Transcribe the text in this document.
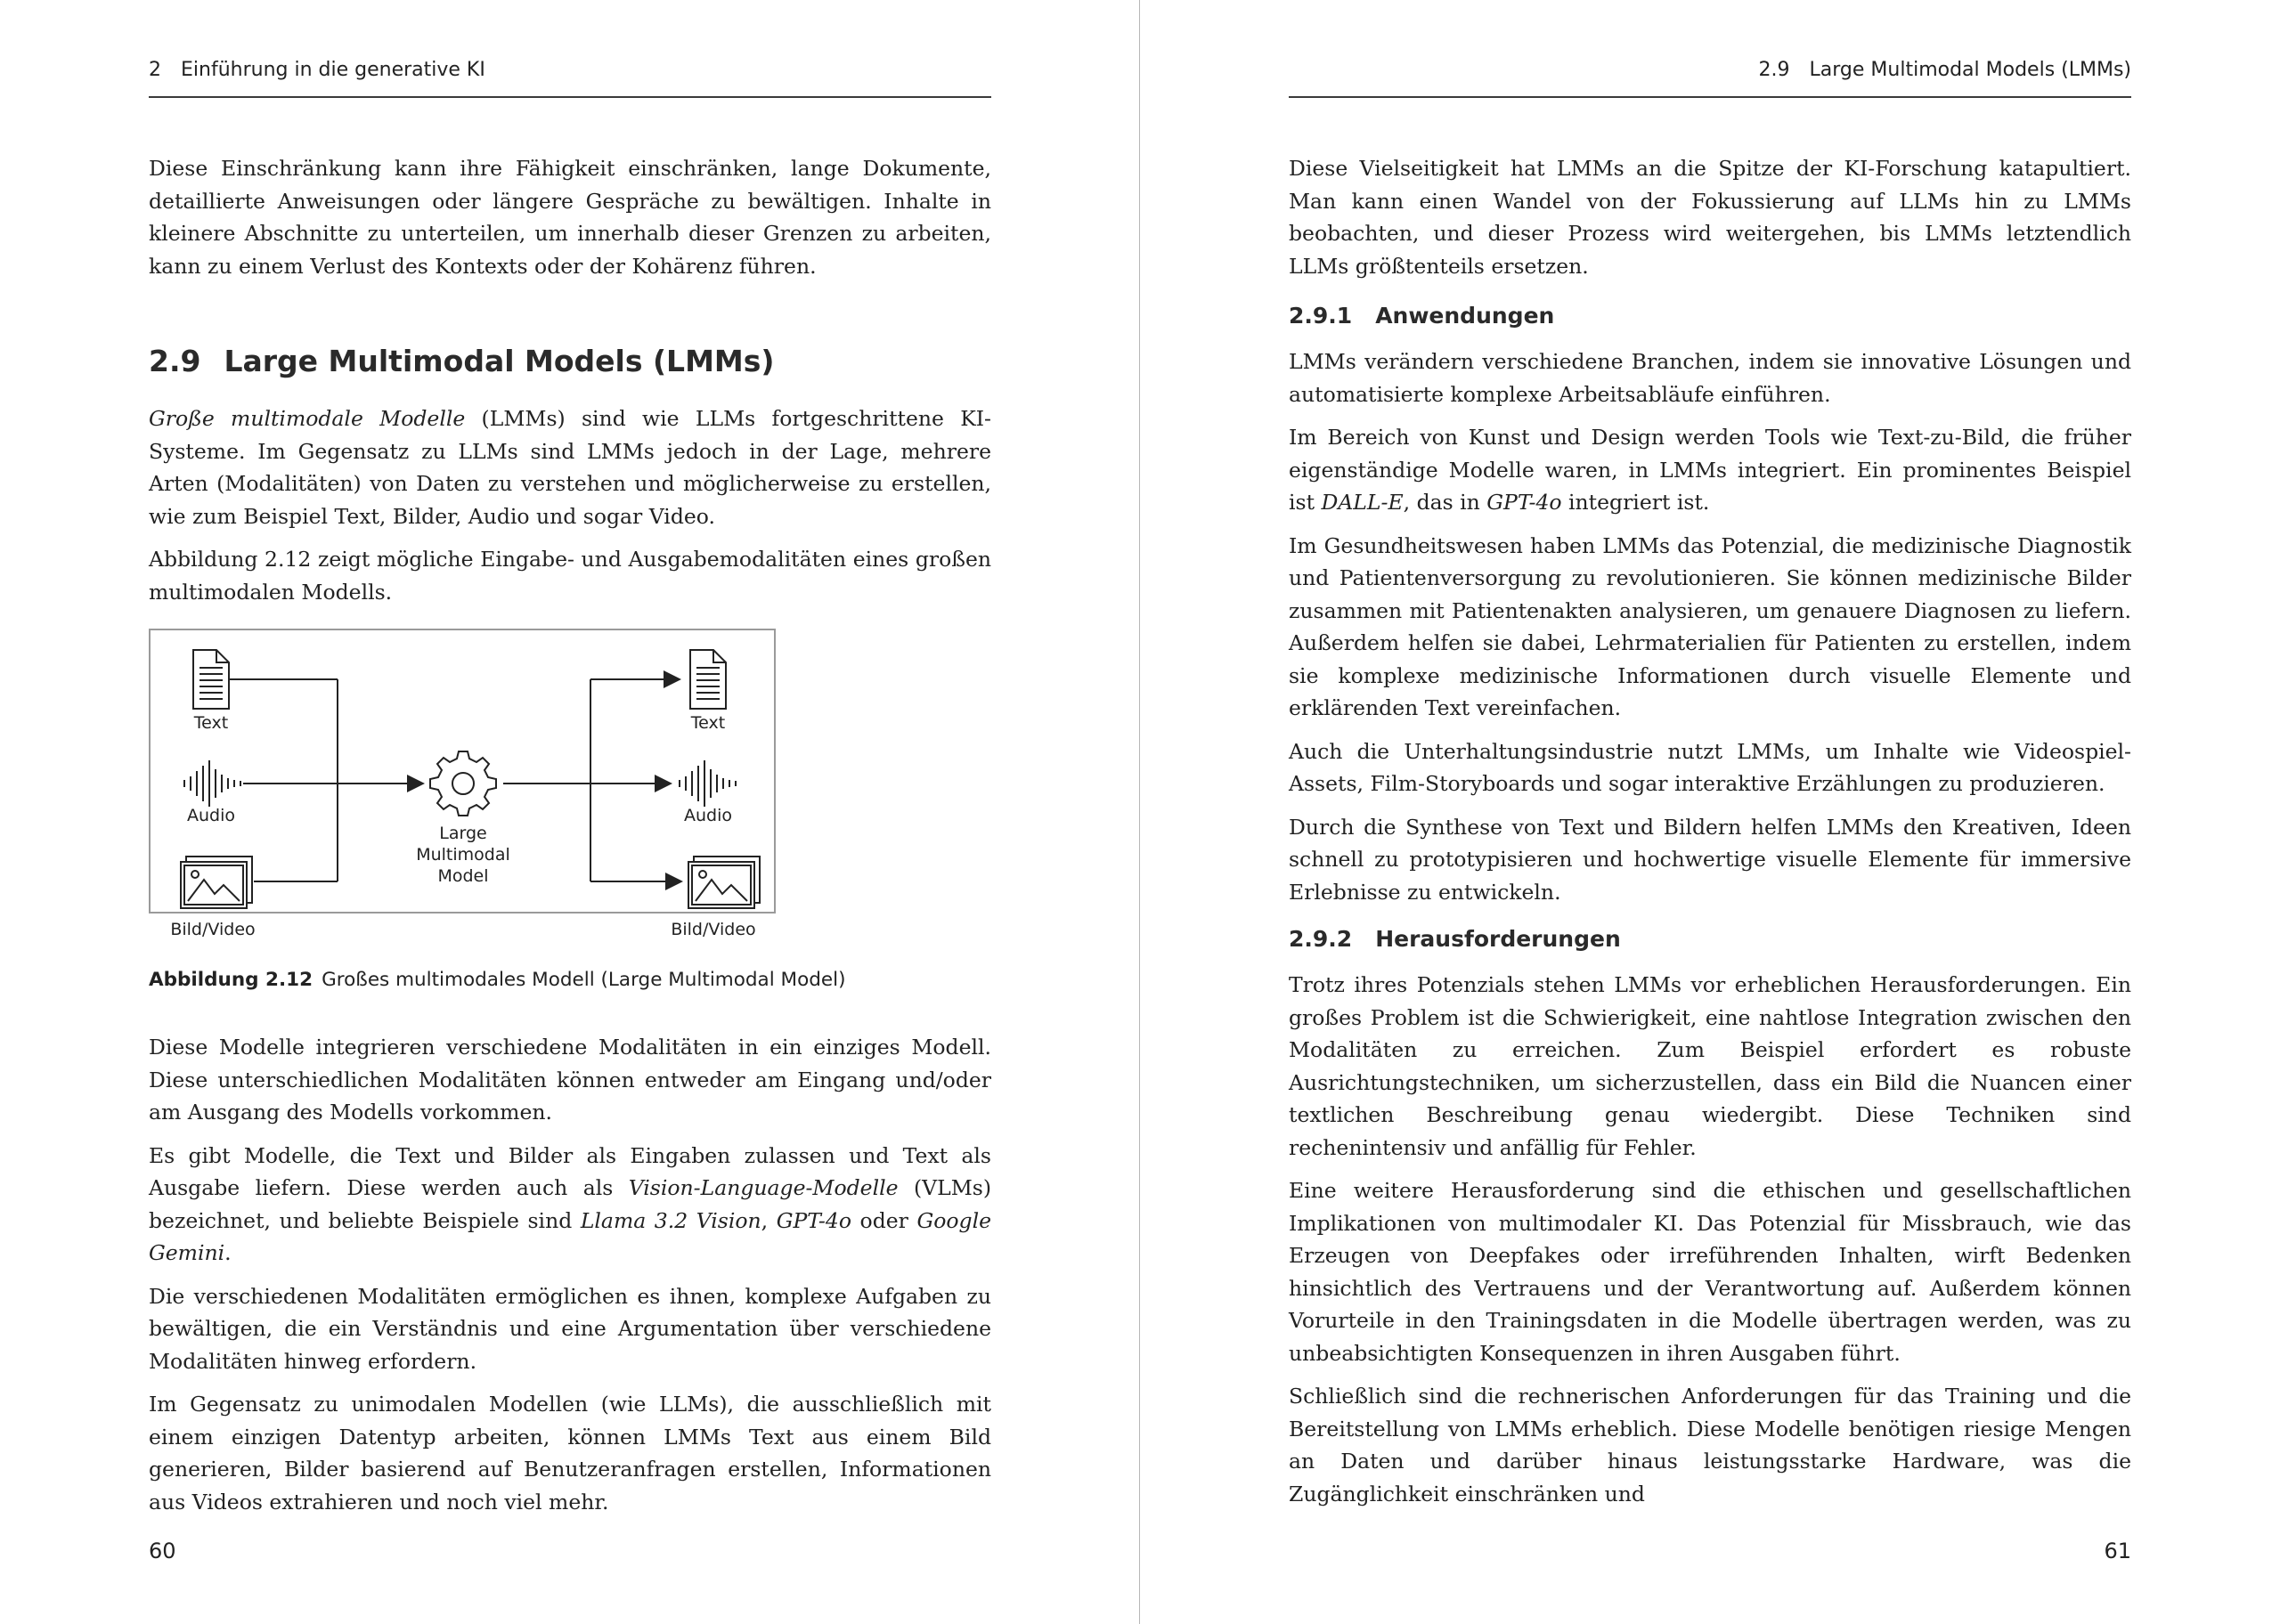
2 Einführung in die generative KI

Diese Einschränkung kann ihre Fähigkeit einschränken, lange Dokumente, detaillierte Anweisungen oder längere Gespräche zu bewältigen. Inhalte in kleinere Abschnitte zu unterteilen, um innerhalb dieser Grenzen zu arbeiten, kann zu einem Verlust des Kontexts oder der Kohärenz führen.

2.9 Large Multimodal Models (LMMs)

Große multimodale Modelle (LMMs) sind wie LLMs fortgeschrittene KI-Systeme. Im Gegensatz zu LLMs sind LMMs jedoch in der Lage, mehrere Arten (Modalitäten) von Daten zu verstehen und möglicherweise zu erstellen, wie zum Beispiel Text, Bilder, Audio und sogar Video.

Abbildung 2.12 zeigt mögliche Eingabe- und Ausgabemodalitäten eines großen multimodalen Modells.

Text
Audio
Bild/Video
Large
Multimodal
Model
Text
Audio
Bild/Video
Abbildung 2.12 Großes multimodales Modell (Large Multimodal Model)

Diese Modelle integrieren verschiedene Modalitäten in ein einziges Modell. Diese unterschiedlichen Modalitäten können entweder am Eingang und/oder am Ausgang des Modells vorkommen.

Es gibt Modelle, die Text und Bilder als Eingaben zulassen und Text als Ausgabe liefern. Diese werden auch als Vision-Language-Modelle (VLMs) bezeichnet, und beliebte Beispiele sind Llama 3.2 Vision, GPT-4o oder Google Gemini.

Die verschiedenen Modalitäten ermöglichen es ihnen, komplexe Aufgaben zu bewältigen, die ein Verständnis und eine Argumentation über verschiedene Modalitäten hinweg erfordern.

Im Gegensatz zu unimodalen Modellen (wie LLMs), die ausschließlich mit einem einzigen Datentyp arbeiten, können LMMs Text aus einem Bild generieren, Bilder basierend auf Benutzeranfragen erstellen, Informationen aus Videos extrahieren und noch viel mehr.

60
2.9 Large Multimodal Models (LMMs)

Diese Vielseitigkeit hat LMMs an die Spitze der KI-Forschung katapultiert. Man kann einen Wandel von der Fokussierung auf LLMs hin zu LMMs beobachten, und dieser Prozess wird weitergehen, bis LMMs letztendlich LLMs größtenteils ersetzen.

2.9.1 Anwendungen

LMMs verändern verschiedene Branchen, indem sie innovative Lösungen und automatisierte komplexe Arbeitsabläufe einführen.

Im Bereich von Kunst und Design werden Tools wie Text-zu-Bild, die früher eigenständige Modelle waren, in LMMs integriert. Ein prominentes Beispiel ist DALL-E, das in GPT-4o integriert ist.

Im Gesundheitswesen haben LMMs das Potenzial, die medizinische Diagnostik und Patientenversorgung zu revolutionieren. Sie können medizinische Bilder zusammen mit Patientenakten analysieren, um genauere Diagnosen zu liefern. Außerdem helfen sie dabei, Lehrmaterialien für Patienten zu erstellen, indem sie komplexe medizinische Informationen durch visuelle Elemente und erklärenden Text vereinfachen.

Auch die Unterhaltungsindustrie nutzt LMMs, um Inhalte wie Videospiel-Assets, Film-Storyboards und sogar interaktive Erzählungen zu produzieren.

Durch die Synthese von Text und Bildern helfen LMMs den Kreativen, Ideen schnell zu prototypisieren und hochwertige visuelle Elemente für immersive Erlebnisse zu entwickeln.

2.9.2 Herausforderungen

Trotz ihres Potenzials stehen LMMs vor erheblichen Herausforderungen. Ein großes Problem ist die Schwierigkeit, eine nahtlose Integration zwischen den Modalitäten zu erreichen. Zum Beispiel erfordert es robuste Ausrichtungstechniken, um sicherzustellen, dass ein Bild die Nuancen einer textlichen Beschreibung genau wiedergibt. Diese Techniken sind rechenintensiv und anfällig für Fehler.

Eine weitere Herausforderung sind die ethischen und gesellschaftlichen Implikationen von multimodaler KI. Das Potenzial für Missbrauch, wie das Erzeugen von Deepfakes oder irreführenden Inhalten, wirft Bedenken hinsichtlich des Vertrauens und der Verantwortung auf. Außerdem können Vorurteile in den Trainingsdaten in die Modelle übertragen werden, was zu unbeabsichtigten Konsequenzen in ihren Ausgaben führt.

Schließlich sind die rechnerischen Anforderungen für das Training und die Bereitstellung von LMMs erheblich. Diese Modelle benötigen riesige Mengen an Daten und darüber hinaus leistungsstarke Hardware, was die Zugänglichkeit einschränken und

61
